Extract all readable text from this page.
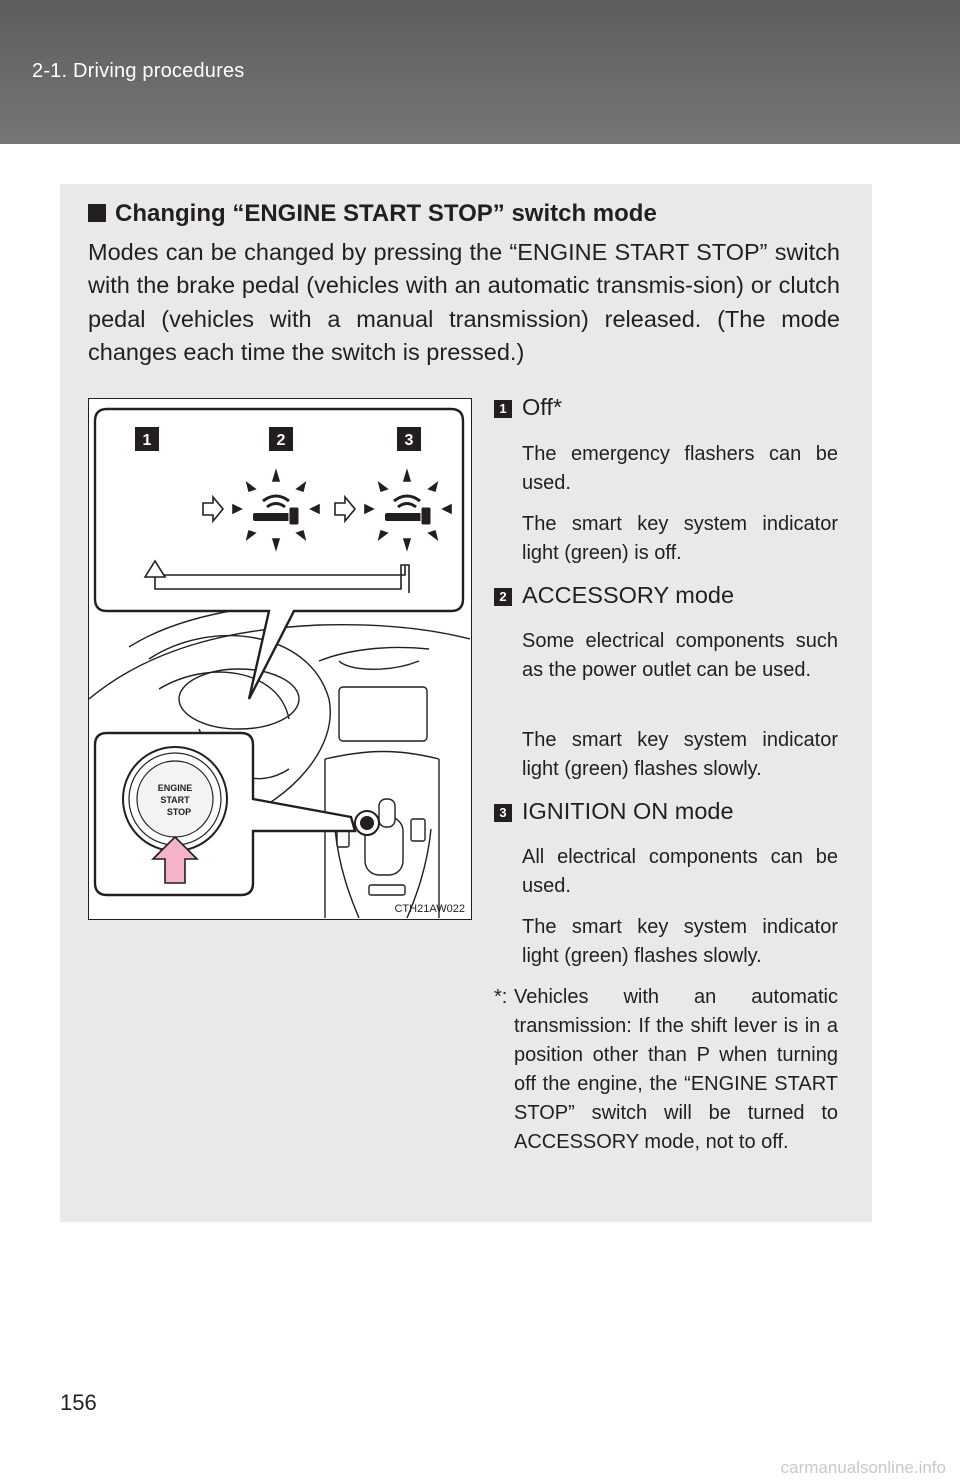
2-1. Driving procedures
Changing “ENGINE START STOP” switch mode
Modes can be changed by pressing the “ENGINE START STOP” switch with the brake pedal (vehicles with an automatic transmis-sion) or clutch pedal (vehicles with a manual transmission) released. (The mode changes each time the switch is pressed.)
1	2	3
ENGINE
START
STOP
CTH21AW022
1 Off*
The emergency flashers can be used.
The smart key system indicator light (green) is off.
2 ACCESSORY mode
Some electrical components such as the power outlet can be used.
The smart key system indicator light (green) flashes slowly.
3 IGNITION ON mode
All electrical components can be used.
The smart key system indicator light (green) flashes slowly.
*: Vehicles with an automatic transmission: If the shift lever is in a position other than P when turning off the engine, the “ENGINE START STOP” switch will be turned to ACCESSORY mode, not to off.
156
carmanualsonline.info
